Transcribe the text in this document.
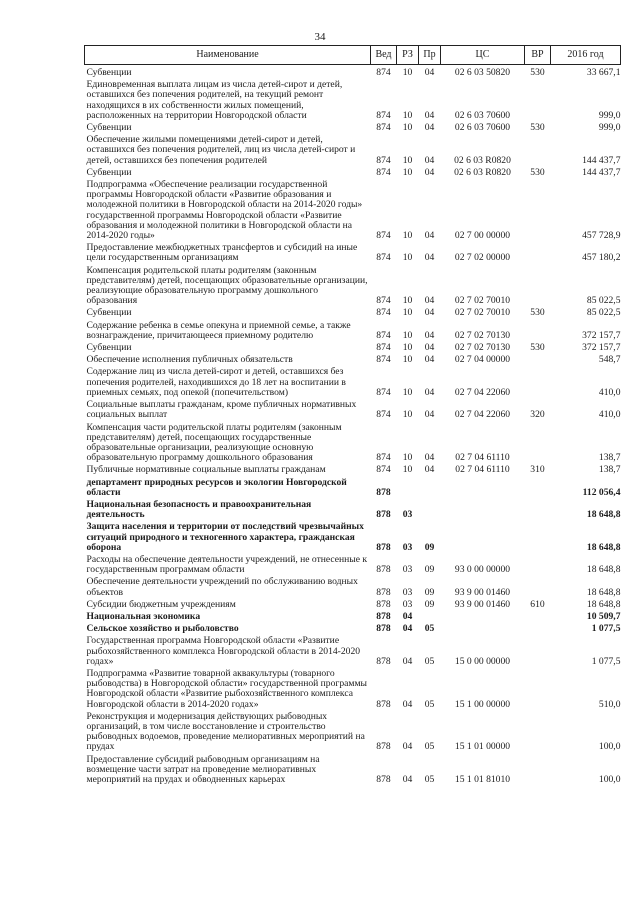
34
Наименование	Вед	РЗ	Пр	ЦС	ВР	2016 год
Субвенции	874	10	04	02 6 03 50820	530	33 667,1
Единовременная выплата лицам из числа детей-сирот и детей, оставшихся без попечения родителей, на текущий ремонт находящихся в их собственности жилых помещений, расположенных на территории Новгородской области	874	10	04	02 6 03 70600		999,0
Субвенции	874	10	04	02 6 03 70600	530	999,0
Обеспечение жилыми помещениями детей-сирот и детей, оставшихся без попечения родителей, лиц из числа детей-сирот и детей, оставшихся без попечения родителей	874	10	04	02 6 03 R0820		144 437,7
Субвенции	874	10	04	02 6 03 R0820	530	144 437,7
Подпрограмма «Обеспечение реализации государственной программы Новгородской области «Развитие образования и молодежной политики в Новгородской области на 2014-2020 годы» государственной программы Новгородской области «Развитие образования и молодежной политики в Новгородской области на 2014-2020 годы»	874	10	04	02 7 00 00000		457 728,9
Предоставление межбюджетных трансфертов и субсидий на иные цели государственным организациям	874	10	04	02 7 02 00000		457 180,2
Компенсация родительской платы родителям (законным представителям) детей, посещающих образовательные организации, реализующие образовательную программу дошкольного образования	874	10	04	02 7 02 70010		85 022,5
Субвенции	874	10	04	02 7 02 70010	530	85 022,5
Содержание ребенка в семье опекуна и приемной семье, а также вознаграждение, причитающееся приемному родителю	874	10	04	02 7 02 70130		372 157,7
Субвенции	874	10	04	02 7 02 70130	530	372 157,7
Обеспечение исполнения публичных обязательств	874	10	04	02 7 04 00000		548,7
Содержание лиц из числа детей-сирот и детей, оставшихся без попечения родителей, находившихся до 18 лет на воспитании в приемных семьях, под опекой (попечительством)	874	10	04	02 7 04 22060		410,0
Социальные выплаты гражданам, кроме публичных нормативных социальных выплат	874	10	04	02 7 04 22060	320	410,0
Компенсация части родительской платы родителям (законным представителям) детей, посещающих государственные образовательные организации, реализующие основную образовательную программу дошкольного образования	874	10	04	02 7 04 61110		138,7
Публичные нормативные социальные выплаты гражданам	874	10	04	02 7 04 61110	310	138,7
департамент природных ресурсов и экологии Новгородской области	878					112 056,4
Национальная безопасность и правоохранительная деятельность	878	03				18 648,8
Защита населения и территории от последствий чрезвычайных ситуаций природного и техногенного характера, гражданская оборона	878	03	09			18 648,8
Расходы на обеспечение деятельности учреждений, не отнесенные к государственным программам области	878	03	09	93 0 00 00000		18 648,8
Обеспечение деятельности учреждений по обслуживанию водных объектов	878	03	09	93 9 00 01460		18 648,8
Субсидии бюджетным учреждениям	878	03	09	93 9 00 01460	610	18 648,8
Национальная экономика	878	04				10 509,7
Сельское хозяйство и рыболовство	878	04	05			1 077,5
Государственная программа Новгородской области «Развитие рыбохозяйственного комплекса Новгородской области в 2014-2020 годах»	878	04	05	15 0 00 00000		1 077,5
Подпрограмма «Развитие товарной аквакультуры (товарного рыбоводства) в Новгородской области» государственной программы Новгородской области «Развитие рыбохозяйственного комплекса Новгородской области в 2014-2020 годах»	878	04	05	15 1 00 00000		510,0
Реконструкция и модернизация действующих рыбоводных организаций, в том числе восстановление и строительство рыбоводных водоемов, проведение мелиоративных мероприятий на прудах	878	04	05	15 1 01 00000		100,0
Предоставление субсидий рыбоводным организациям на возмещение части затрат на проведение мелиоративных мероприятий на прудах и обводненных карьерах	878	04	05	15 1 01 81010		100,0
